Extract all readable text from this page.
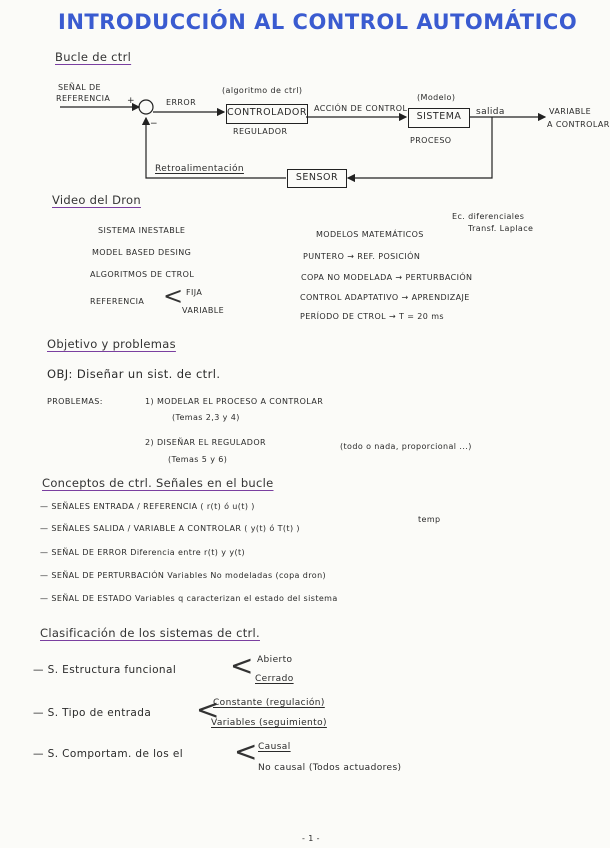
INTRODUCCIÓN AL CONTROL AUTOMÁTICO
Bucle de ctrl
SEÑAL DE
REFERENCIA +
−
ERROR
(algoritmo de ctrl)
CONTROLADOR
REGULADOR
ACCIÓN DE CONTROL
(Modelo)
SISTEMA
PROCESO
salida	VARIABLE
A CONTROLAR
Retroalimentación
SENSOR
Video del Dron
Ec. diferenciales
Transf. Laplace
SISTEMA INESTABLE
MODEL BASED DESING
ALGORITMOS DE CTROL
REFERENCIA < FIJA
VARIABLE
MODELOS MATEMÁTICOS
PUNTERO → REF. POSICIÓN
COPA NO MODELADA → PERTURBACIÓN
CONTROL ADAPTATIVO → APRENDIZAJE
PERÍODO DE CTROL → T = 20 ms
Objetivo y problemas
OBJ: Diseñar un sist. de ctrl.
PROBLEMAS:	1) MODELAR EL PROCESO A CONTROLAR
(Temas 2,3 y 4)
2) DISEÑAR EL REGULADOR	(todo o nada, proporcional ...)
(Temas 5 y 6)
Conceptos de ctrl. Señales en el bucle
temp
— SEÑALES ENTRADA / REFERENCIA ( r(t) ó u(t) )
— SEÑALES SALIDA / VARIABLE A CONTROLAR ( y(t) ó T(t) )
— SEÑAL DE ERROR Diferencia entre r(t) y y(t)
— SEÑAL DE PERTURBACIÓN Variables No modeladas (copa dron)
— SEÑAL DE ESTADO Variables q caracterizan el estado del sistema
Clasificación de los sistemas de ctrl.
— S. Estructura funcional < Abierto
Cerrado
— S. Tipo de entrada <
Constante (regulación)
Variables (seguimiento)
— S. Comportam. de los el < Causal
No causal (Todos actuadores)
- 1 -
